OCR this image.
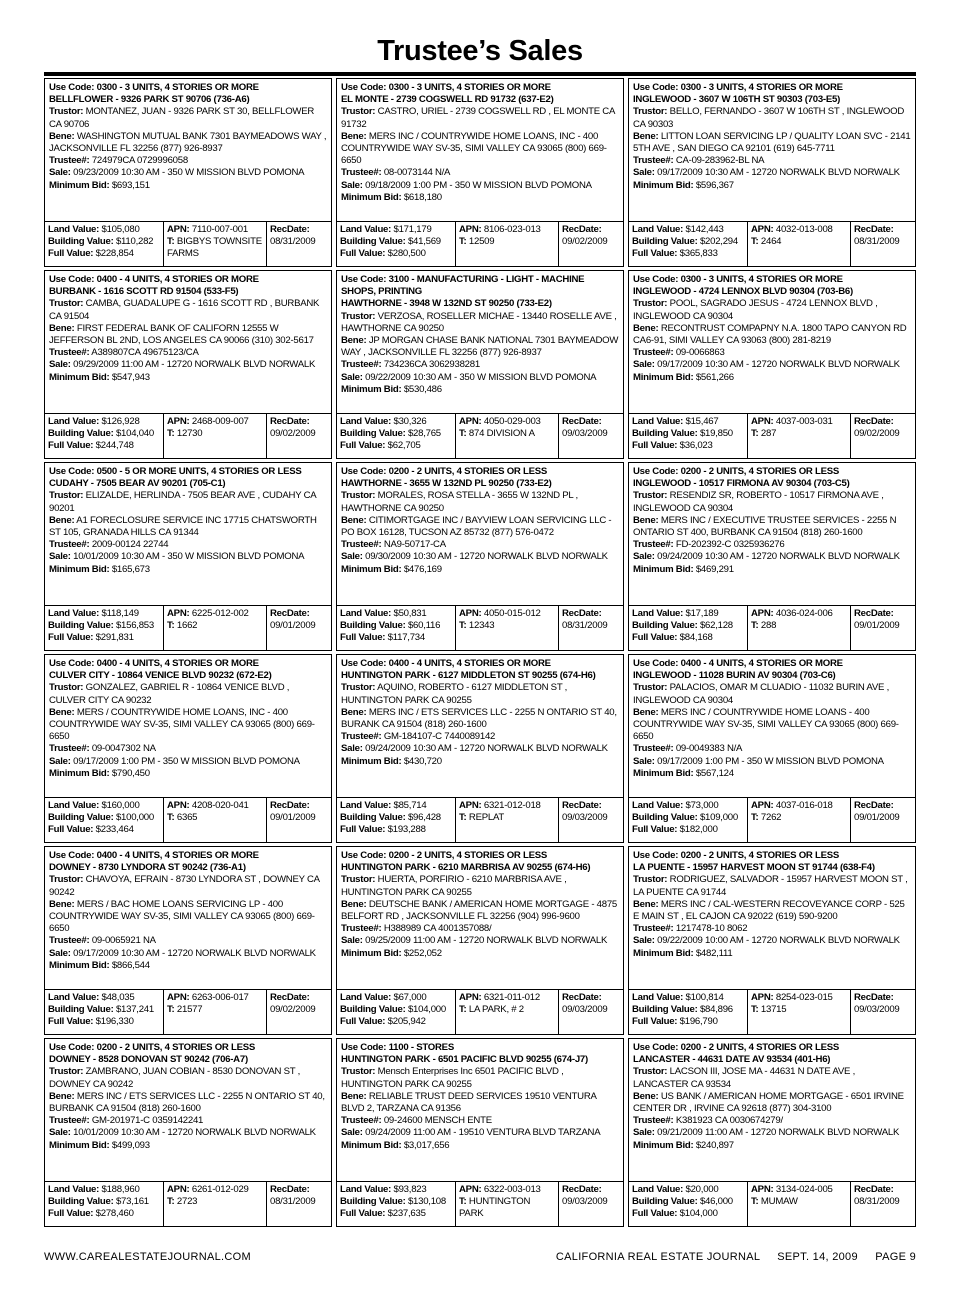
Trustee’s Sales
Use Code: 0300 - 3 UNITS, 4 STORIES OR MORE
BELLFLOWER - 9326 PARK ST 90706 (736-A6)
Trustor: MONTANEZ, JUAN - 9326 PARK ST 30, BELLFLOWER CA 90706
Bene: WASHINGTON MUTUAL BANK 7301 BAYMEADOWS WAY , JACKSONVILLE FL 32256 (877) 926-8937
Trustee#: 724979CA 0729996058
Sale: 09/23/2009 10:30 AM - 350 W MISSION BLVD POMONA
Minimum Bid: $693,151
Land Value: $105,080
Building Value: $110,282
Full Value: $228,854
APN: 7110-007-001
T: BIGBYS TOWNSITE FARMS
RecDate:
08/31/2009
Use Code: 0300 - 3 UNITS, 4 STORIES OR MORE
EL MONTE - 2739 COGSWELL RD 91732 (637-E2)
Trustor: CASTRO, URIEL - 2739 COGSWELL RD , EL MONTE CA 91732
Bene: MERS INC / COUNTRYWIDE HOME LOANS, INC - 400 COUNTRYWIDE WAY SV-35, SIMI VALLEY CA 93065 (800) 669-6650
Trustee#: 08-0073144 N/A
Sale: 09/18/2009 1:00 PM - 350 W MISSION BLVD POMONA
Minimum Bid: $618,180
Land Value: $171,179
Building Value: $41,569
Full Value: $280,500
APN: 8106-023-013
T: 12509
RecDate:
09/02/2009
Use Code: 0300 - 3 UNITS, 4 STORIES OR MORE
INGLEWOOD - 3607 W 106TH ST 90303 (703-E5)
Trustor: BELLO, FERNANDO - 3607 W 106TH ST , INGLEWOOD CA 90303
Bene: LITTON LOAN SERVICING LP / QUALITY LOAN SVC - 2141 5TH AVE , SAN DIEGO CA 92101 (619) 645-7711
Trustee#: CA-09-283962-BL NA
Sale: 09/17/2009 10:30 AM - 12720 NORWALK BLVD NORWALK
Minimum Bid: $596,367
Land Value: $142,443
Building Value: $202,294
Full Value: $365,833
APN: 4032-013-008
T: 2464
RecDate:
08/31/2009
Use Code: 0400 - 4 UNITS, 4 STORIES OR MORE
BURBANK - 1616 SCOTT RD 91504 (533-F5)
Trustor: CAMBA, GUADALUPE G - 1616 SCOTT RD , BURBANK CA 91504
Bene: FIRST FEDERAL BANK OF CALIFORN 12555 W JEFFERSON BL 2ND, LOS ANGELES CA 90066 (310) 302-5617
Trustee#: A389807CA 49675123/CA
Sale: 09/29/2009 11:00 AM - 12720 NORWALK BLVD NORWALK
Minimum Bid: $547,943
Land Value: $126,928
Building Value: $104,040
Full Value: $244,748
APN: 2468-009-007
T: 12730
RecDate:
09/02/2009
Use Code: 3100 - MANUFACTURING - LIGHT - MACHINE SHOPS, PRINTING
HAWTHORNE - 3948 W 132ND ST 90250 (733-E2)
Trustor: VERZOSA, ROSELLER MICHAE - 13440 ROSELLE AVE , HAWTHORNE CA 90250
Bene: JP MORGAN CHASE BANK NATIONAL 7301 BAYMEADOW WAY , JACKSONVILLE FL 32256 (877) 926-8937
Trustee#: 734236CA 3062938281
Sale: 09/22/2009 10:30 AM - 350 W MISSION BLVD POMONA
Minimum Bid: $530,486
Land Value: $30,326
Building Value: $28,765
Full Value: $62,705
APN: 4050-029-003
T: 874 DIVISION A
RecDate:
09/03/2009
Use Code: 0300 - 3 UNITS, 4 STORIES OR MORE
INGLEWOOD - 4724 LENNOX BLVD 90304 (703-B6)
Trustor: POOL, SAGRADO JESUS - 4724 LENNOX BLVD , INGLEWOOD CA 90304
Bene: RECONTRUST COMPAPNY N.A. 1800 TAPO CANYON RD CA6-91, SIMI VALLEY CA 93063 (800) 281-8219
Trustee#: 09-0066863
Sale: 09/17/2009 10:30 AM - 12720 NORWALK BLVD NORWALK
Minimum Bid: $561,266
Land Value: $15,467
Building Value: $19,850
Full Value: $36,023
APN: 4037-003-031
T: 287
RecDate:
09/02/2009
Use Code: 0500 - 5 OR MORE UNITS, 4 STORIES OR LESS
CUDAHY - 7505 BEAR AV 90201 (705-C1)
Trustor: ELIZALDE, HERLINDA - 7505 BEAR AVE , CUDAHY CA 90201
Bene: A1 FORECLOSURE SERVICE INC 17715 CHATSWORTH ST 105, GRANADA HILLS CA 91344
Trustee#: 2009-00124 22744
Sale: 10/01/2009 10:30 AM - 350 W MISSION BLVD POMONA
Minimum Bid: $165,673
Land Value: $118,149
Building Value: $156,853
Full Value: $291,831
APN: 6225-012-002
T: 1662
RecDate:
09/01/2009
Use Code: 0200 - 2 UNITS, 4 STORIES OR LESS
HAWTHORNE - 3655 W 132ND PL 90250 (733-E2)
Trustor: MORALES, ROSA STELLA - 3655 W 132ND PL , HAWTHORNE CA 90250
Bene: CITIMORTGAGE INC / BAYVIEW LOAN SERVICING LLC - PO BOX 16128, TUCSON AZ 85732 (877) 576-0472
Trustee#: NA9-50717-CA
Sale: 09/30/2009 10:30 AM - 12720 NORWALK BLVD NORWALK
Minimum Bid: $476,169
Land Value: $50,831
Building Value: $60,116
Full Value: $117,734
APN: 4050-015-012
T: 12343
RecDate:
08/31/2009
Use Code: 0200 - 2 UNITS, 4 STORIES OR LESS
INGLEWOOD - 10517 FIRMONA AV 90304 (703-C5)
Trustor: RESENDIZ SR, ROBERTO - 10517 FIRMONA AVE , INGLEWOOD CA 90304
Bene: MERS INC / EXECUTIVE TRUSTEE SERVICES - 2255 N ONTARIO ST 400, BURBANK CA 91504 (818) 260-1600
Trustee#: FD-202392-C 0325936276
Sale: 09/24/2009 10:30 AM - 12720 NORWALK BLVD NORWALK
Minimum Bid: $469,291
Land Value: $17,189
Building Value: $62,128
Full Value: $84,168
APN: 4036-024-006
T: 288
RecDate:
09/01/2009
Use Code: 0400 - 4 UNITS, 4 STORIES OR MORE
CULVER CITY - 10864 VENICE BLVD 90232 (672-E2)
Trustor: GONZALEZ, GABRIEL R - 10864 VENICE BLVD , CULVER CITY CA 90232
Bene: MERS / COUNTRYWIDE HOME LOANS, INC - 400 COUNTRYWIDE WAY SV-35, SIMI VALLEY CA 93065 (800) 669-6650
Trustee#: 09-0047302 NA
Sale: 09/17/2009 1:00 PM - 350 W MISSION BLVD POMONA
Minimum Bid: $790,450
Land Value: $160,000
Building Value: $100,000
Full Value: $233,464
APN: 4208-020-041
T: 6365
RecDate:
09/01/2009
Use Code: 0400 - 4 UNITS, 4 STORIES OR MORE
HUNTINGTON PARK - 6127 MIDDLETON ST 90255 (674-H6)
Trustor: AQUINO, ROBERTO - 6127 MIDDLETON ST , HUNTINGTON PARK CA 90255
Bene: MERS INC / ETS SERVICES LLC - 2255 N ONTARIO ST 40, BURANK CA 91504 (818) 260-1600
Trustee#: GM-184107-C 7440089142
Sale: 09/24/2009 10:30 AM - 12720 NORWALK BLVD NORWALK
Minimum Bid: $430,720
Land Value: $85,714
Building Value: $96,428
Full Value: $193,288
APN: 6321-012-018
T: REPLAT
RecDate:
09/03/2009
Use Code: 0400 - 4 UNITS, 4 STORIES OR MORE
INGLEWOOD - 11028 BURIN AV 90304 (703-C6)
Trustor: PALACIOS, OMAR M CLUADIO - 11032 BURIN AVE , INGLEWOOD CA 90304
Bene: MERS INC / COUNTRYWIDE HOME LOANS - 400 COUNTRYWIDE WAY SV-35, SIMI VALLEY CA 93065 (800) 669-6650
Trustee#: 09-0049383 N/A
Sale: 09/17/2009 1:00 PM - 350 W MISSION BLVD POMONA
Minimum Bid: $567,124
Land Value: $73,000
Building Value: $109,000
Full Value: $182,000
APN: 4037-016-018
T: 7262
RecDate:
09/01/2009
Use Code: 0400 - 4 UNITS, 4 STORIES OR MORE
DOWNEY - 8730 LYNDORA ST 90242 (736-A1)
Trustor: CHAVOYA, EFRAIN - 8730 LYNDORA ST , DOWNEY CA 90242
Bene: MERS / BAC HOME LOANS SERVICING LP - 400 COUNTRYWIDE WAY SV-35, SIMI VALLEY CA 93065 (800) 669-6650
Trustee#: 09-0065921 NA
Sale: 09/17/2009 10:30 AM - 12720 NORWALK BLVD NORWALK
Minimum Bid: $866,544
Land Value: $48,035
Building Value: $137,241
Full Value: $196,330
APN: 6263-006-017
T: 21577
RecDate:
09/02/2009
Use Code: 0200 - 2 UNITS, 4 STORIES OR LESS
HUNTINGTON PARK - 6210 MARBRISA AV 90255 (674-H6)
Trustor: HUERTA, PORFIRIO - 6210 MARBRISA AVE , HUNTINGTON PARK CA 90255
Bene: DEUTSCHE BANK / AMERICAN HOME MORTGAGE - 4875 BELFORT RD , JACKSONVILLE FL 32256 (904) 996-9600
Trustee#: H388989 CA 4001357088/
Sale: 09/25/2009 11:00 AM - 12720 NORWALK BLVD NORWALK
Minimum Bid: $252,052
Land Value: $67,000
Building Value: $104,000
Full Value: $205,942
APN: 6321-011-012
T: LA PARK, # 2
RecDate:
09/03/2009
Use Code: 0200 - 2 UNITS, 4 STORIES OR LESS
LA PUENTE - 15957 HARVEST MOON ST 91744 (638-F4)
Trustor: RODRIGUEZ, SALVADOR - 15957 HARVEST MOON ST , LA PUENTE CA 91744
Bene: MERS INC / CAL-WESTERN RECOVEYANCE CORP - 525 E MAIN ST , EL CAJON CA 92022 (619) 590-9200
Trustee#: 1217478-10 8062
Sale: 09/22/2009 10:00 AM - 12720 NORWALK BLVD NORWALK
Minimum Bid: $482,111
Land Value: $100,814
Building Value: $84,896
Full Value: $196,790
APN: 8254-023-015
T: 13715
RecDate:
09/03/2009
Use Code: 0200 - 2 UNITS, 4 STORIES OR LESS
DOWNEY - 8528 DONOVAN ST 90242 (706-A7)
Trustor: ZAMBRANO, JUAN COBIAN - 8530 DONOVAN ST , DOWNEY CA 90242
Bene: MERS INC / ETS SERVICES LLC - 2255 N ONTARIO ST 40, BURBANK CA 91504 (818) 260-1600
Trustee#: GM-201971-C 0359142241
Sale: 10/01/2009 10:30 AM - 12720 NORWALK BLVD NORWALK
Minimum Bid: $499,093
Land Value: $188,960
Building Value: $73,161
Full Value: $278,460
APN: 6261-012-029
T: 2723
RecDate:
08/31/2009
Use Code: 1100 - STORES
HUNTINGTON PARK - 6501 PACIFIC BLVD 90255 (674-J7)
Trustor: Mensch Enterprises Inc 6501 PACIFIC BLVD , HUNTINGTON PARK CA 90255
Bene: RELIABLE TRUST DEED SERVICES 19510 VENTURA BLVD 2, TARZANA CA 91356
Trustee#: 09-24600 MENSCH ENTE
Sale: 09/24/2009 11:00 AM - 19510 VENTURA BLVD TARZANA
Minimum Bid: $3,017,656
Land Value: $93,823
Building Value: $130,108
Full Value: $237,635
APN: 6322-003-013
T: HUNTINGTON PARK
RecDate:
09/03/2009
Use Code: 0200 - 2 UNITS, 4 STORIES OR LESS
LANCASTER - 44631 DATE AV 93534 (401-H6)
Trustor: LACSON III, JOSE MA - 44631 N DATE AVE , LANCASTER CA 93534
Bene: US BANK / AMERICAN HOME MORTGAGE - 6501 IRVINE CENTER DR , IRVINE CA 92618 (877) 304-3100
Trustee#: K381923 CA 0030674279/
Sale: 09/21/2009 11:00 AM - 12720 NORWALK BLVD NORWALK
Minimum Bid: $240,897
Land Value: $20,000
Building Value: $46,000
Full Value: $104,000
APN: 3134-024-005
T: MUMAW
RecDate:
08/31/2009
WWW.CAREALESTATEJOURNAL.COM	CALIFORNIA REAL ESTATE JOURNAL SEPT. 14, 2009 PAGE 9
